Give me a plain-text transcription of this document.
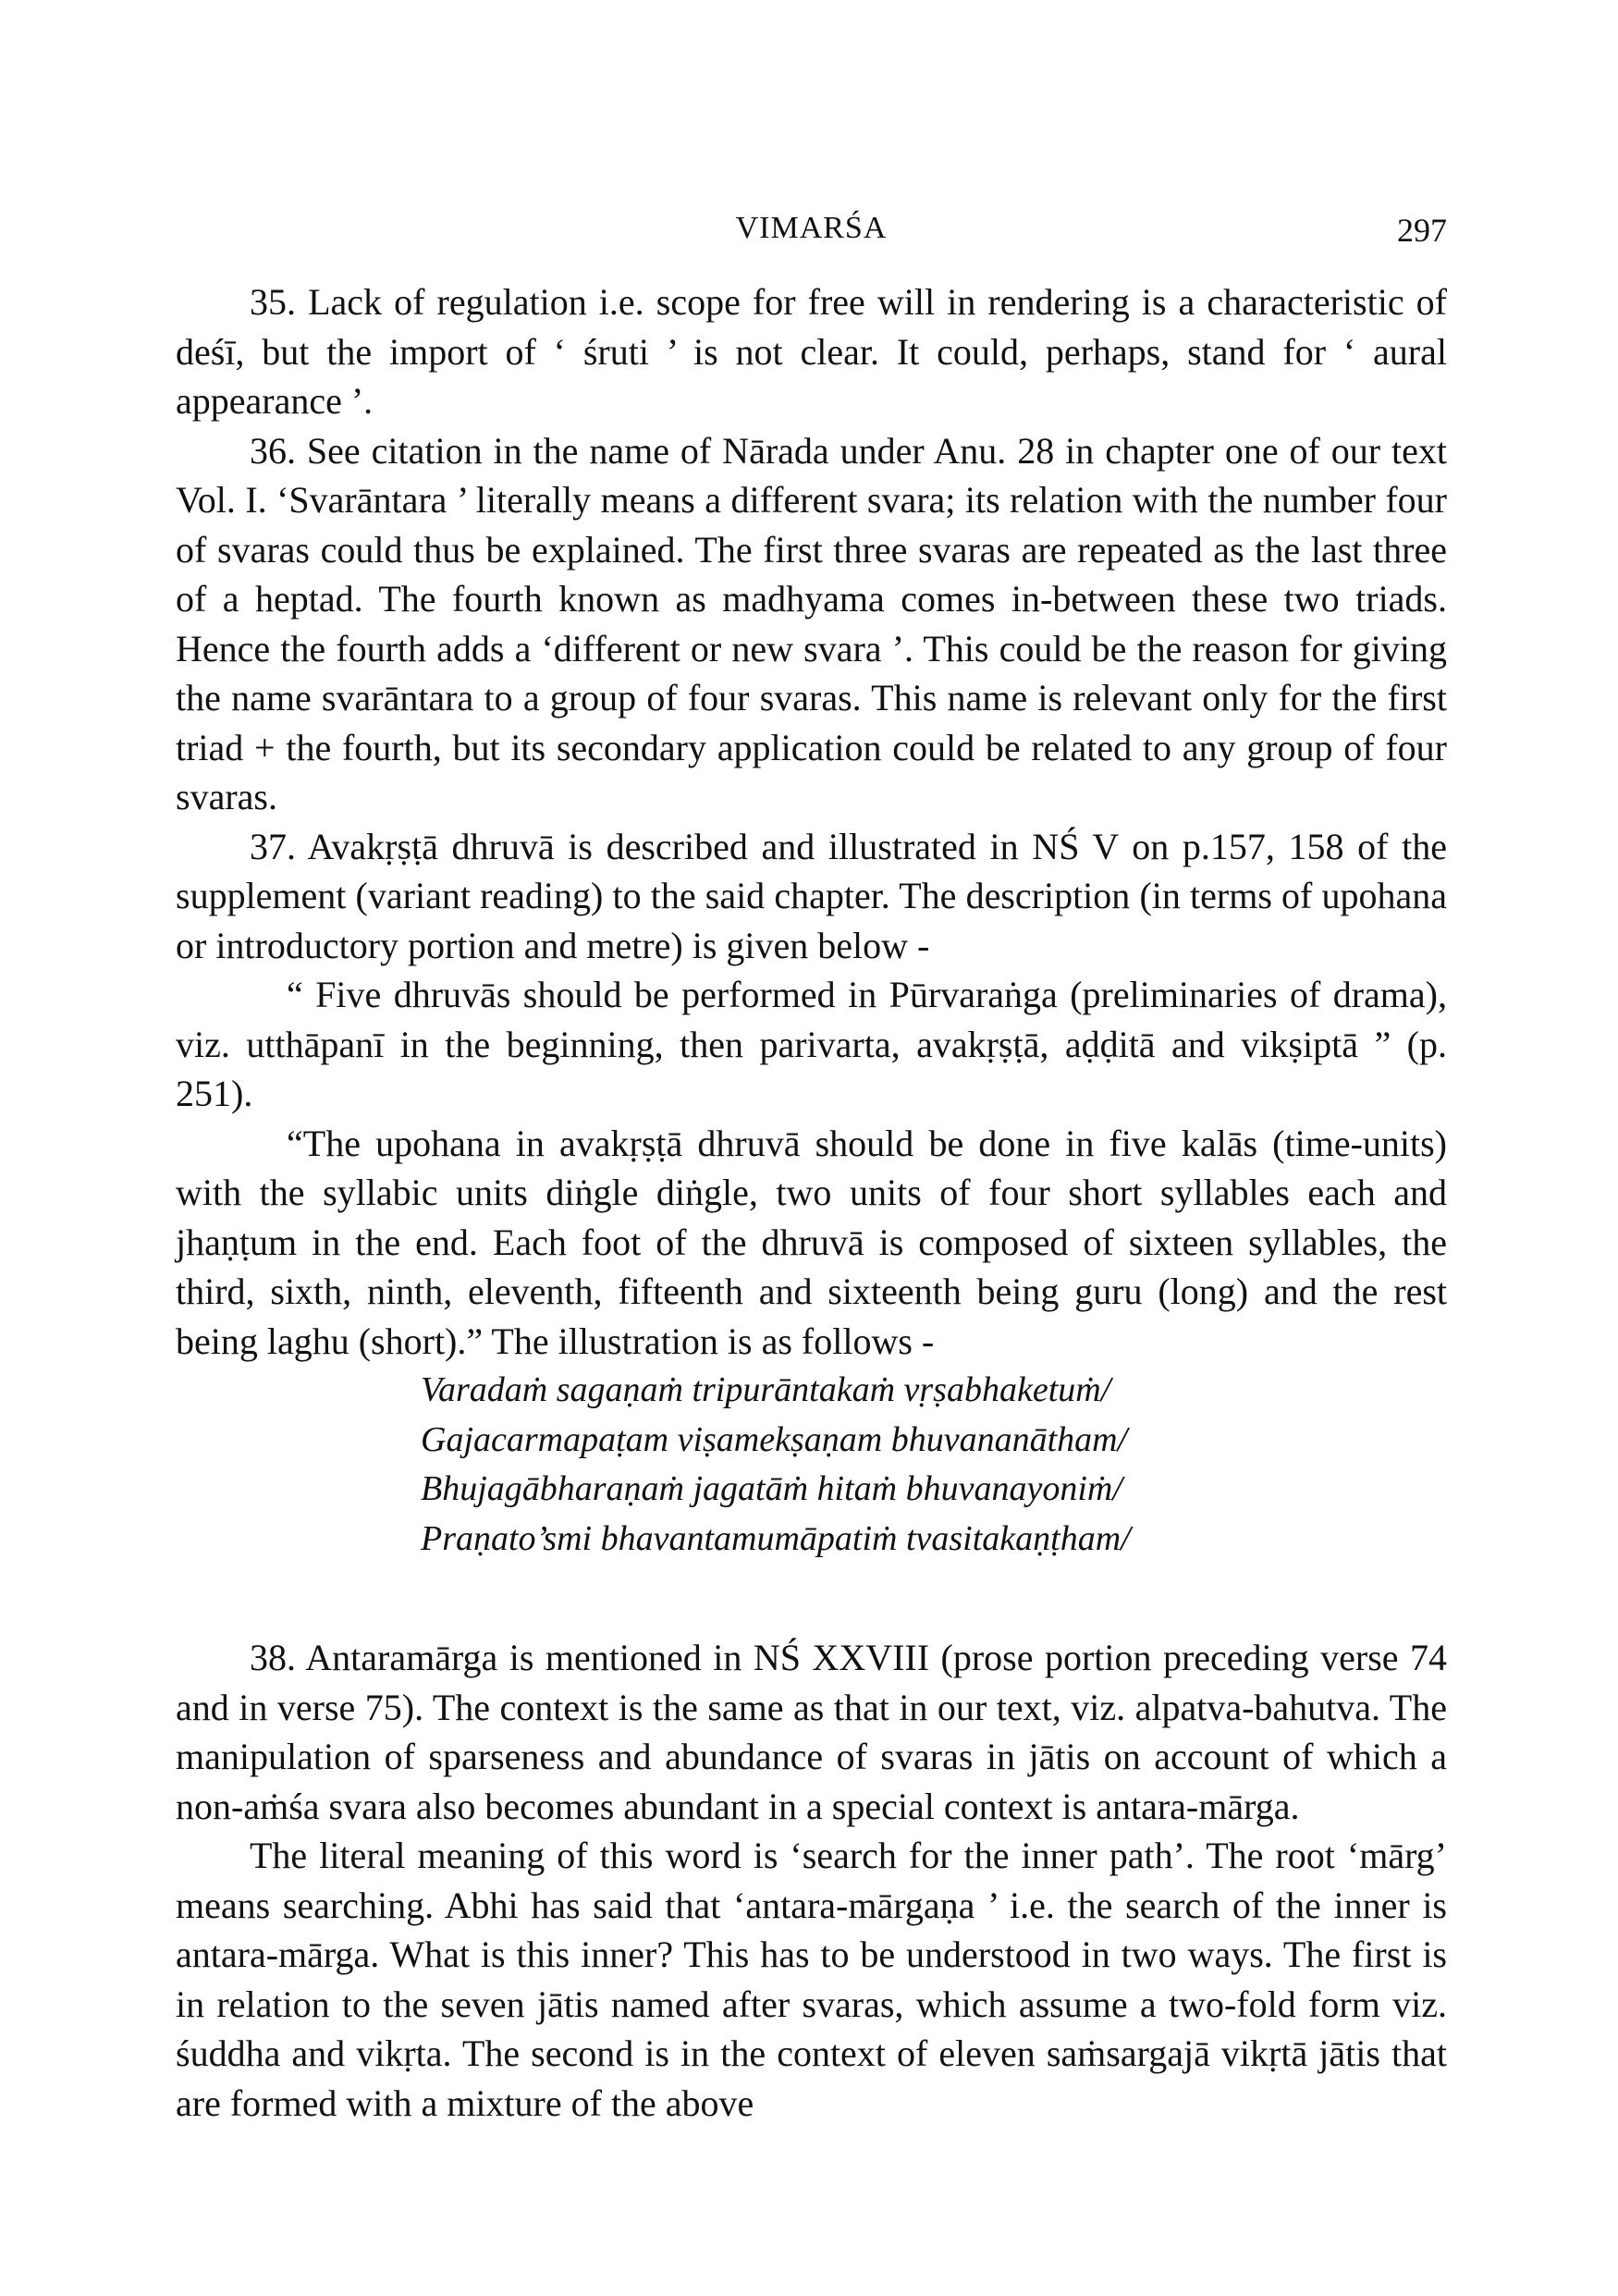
VIMARŚA	297

35. Lack of regulation i.e. scope for free will in rendering is a characteristic of deśī, but the import of ‘ śruti ’ is not clear. It could, perhaps, stand for ‘ aural appearance ’.

36. See citation in the name of Nārada under Anu. 28 in chapter one of our text Vol. I. ‘Svarāntara ’ literally means a different svara; its relation with the number four of svaras could thus be explained. The first three svaras are repeated as the last three of a heptad. The fourth known as madhyama comes in-between these two triads. Hence the fourth adds a ‘different or new svara ’. This could be the reason for giving the name svarāntara to a group of four svaras. This name is relevant only for the first triad + the fourth, but its secondary application could be related to any group of four svaras.

37. Avakṛṣṭā dhruvā is described and illustrated in NŚ V on p.157, 158 of the supplement (variant reading) to the said chapter. The description (in terms of upohana or introductory portion and metre) is given below -

“ Five dhruvās should be performed in Pūrvaraṅga (preliminaries of drama), viz. utthāpanī in the beginning, then parivarta, avakṛṣṭā, aḍḍitā and vikṣiptā ” (p. 251).

“The upohana in avakṛṣṭā dhruvā should be done in five kalās (time-units) with the syllabic units diṅgle diṅgle, two units of four short syllables each and jhaṇṭum in the end. Each foot of the dhruvā is composed of sixteen syllables, the third, sixth, ninth, eleventh, fifteenth and sixteenth being guru (long) and the rest being laghu (short).” The illustration is as follows -

Varadaṁ sagaṇaṁ tripurāntakaṁ vṛṣabhaketuṁ/
Gajacarmapaṭam viṣamekṣaṇam bhuvananātham/
Bhujagābharaṇaṁ jagatāṁ hitaṁ bhuvanayoniṁ/
Praṇato’smi bhavantamumāpatiṁ tvasitakaṇṭham/

38. Antaramārga is mentioned in NŚ XXVIII (prose portion preceding verse 74 and in verse 75). The context is the same as that in our text, viz. alpatva-bahutva. The manipulation of sparseness and abundance of svaras in jātis on account of which a non-aṁśa svara also becomes abundant in a special context is antara-mārga.

The literal meaning of this word is ‘search for the inner path’. The root ‘mārg’ means searching. Abhi has said that ‘antara-mārgaṇa ’ i.e. the search of the inner is antara-mārga. What is this inner? This has to be understood in two ways. The first is in relation to the seven jātis named after svaras, which assume a two-fold form viz. śuddha and vikṛta. The second is in the context of eleven saṁsargajā vikṛtā jātis that are formed with a mixture of the above
